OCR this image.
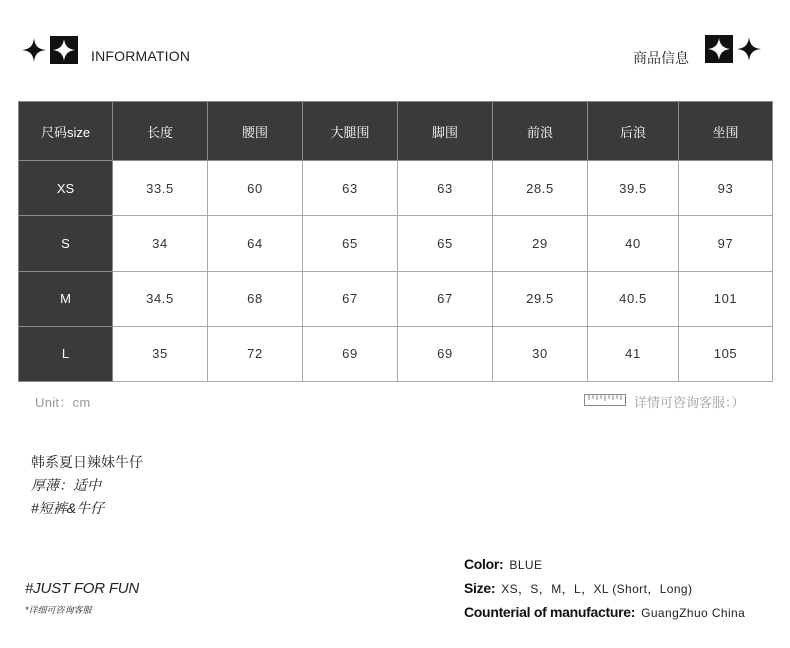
INFORMATION	商品信息
尺码size	长度	腰围	大腿围	脚围	前浪	后浪	坐围
XS	33.5	60	63	63	28.5	39.5	93
S	34	64	65	65	29	40	97
M	34.5	68	67	67	29.5	40.5	101
L	35	72	69	69	30	41	105
Unit：cm	详情可咨询客服：）
韩系夏日辣妹牛仔
厚薄：适中
#短裤&牛仔
#JUST FOR FUN
*详细可咨询客服
Color: BLUE
Size: XS，S，M，L，XL (Short，Long)
Counterial of manufacture: GuangZhuo China
